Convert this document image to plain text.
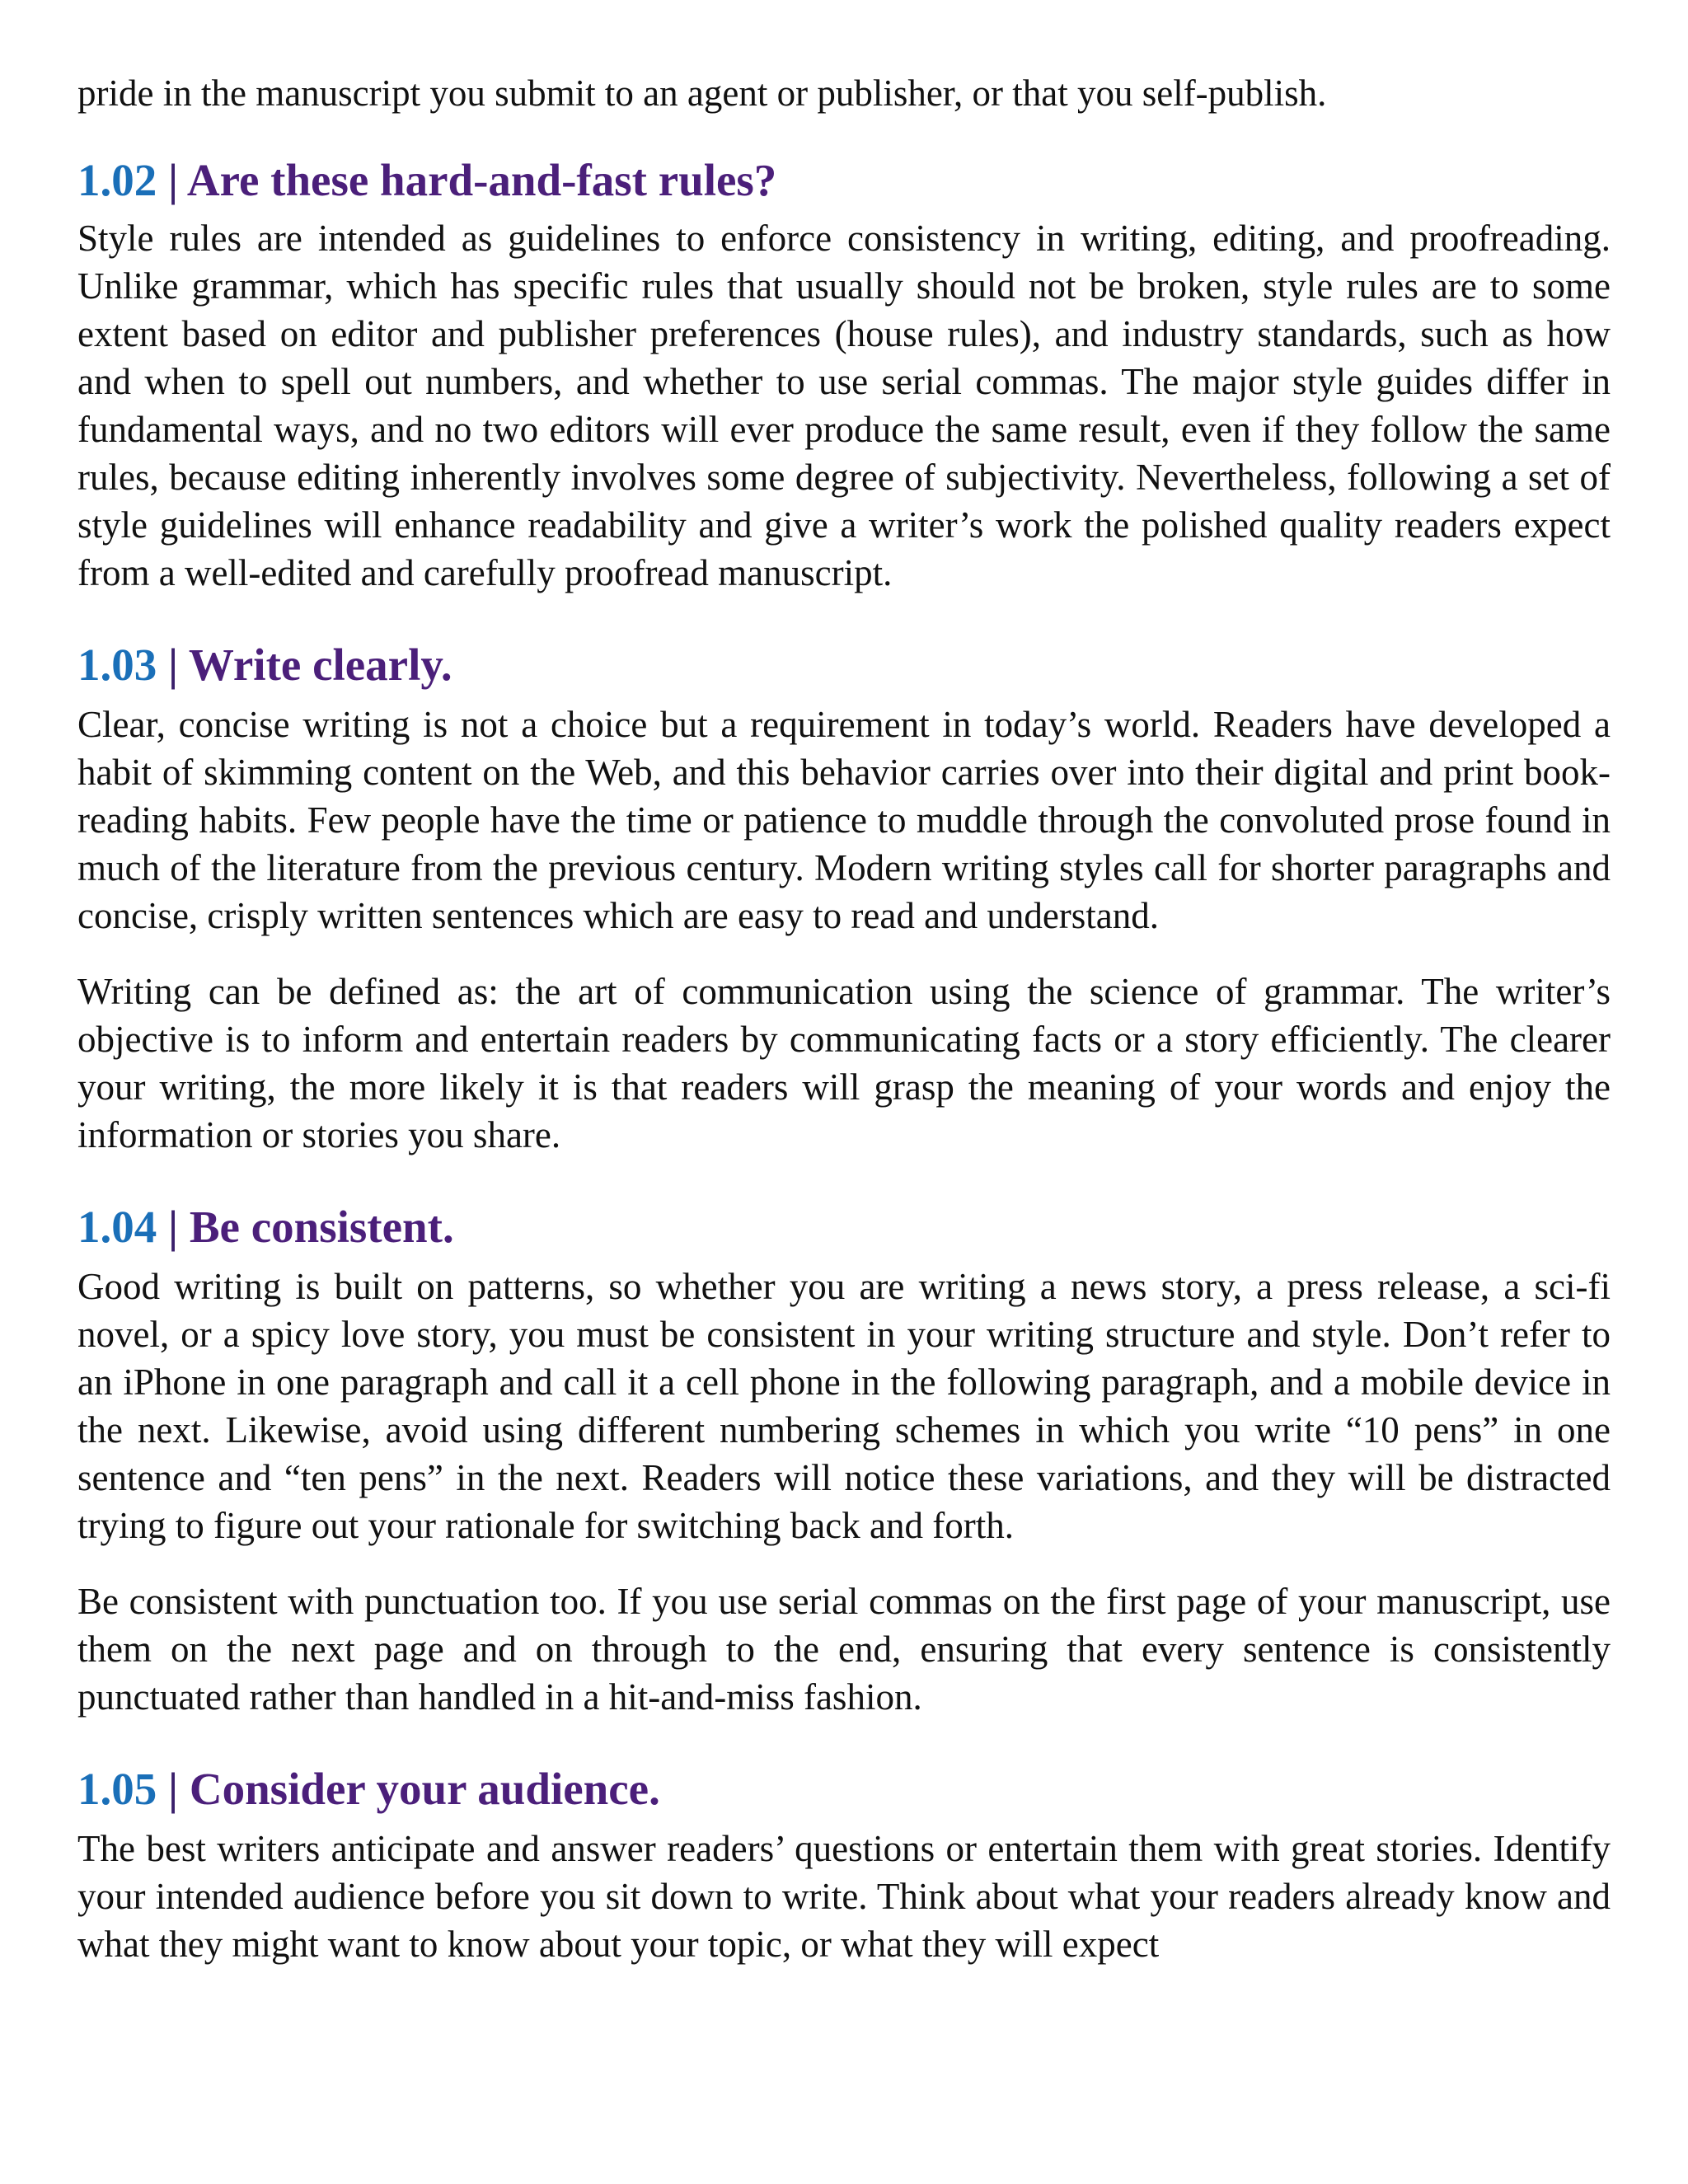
pride in the manuscript you submit to an agent or publisher, or that you self-publish.

1.02 | Are these hard-and-fast rules?

Style rules are intended as guidelines to enforce consistency in writing, editing, and proofreading. Unlike grammar, which has specific rules that usually should not be broken, style rules are to some extent based on editor and publisher preferences (house rules), and industry standards, such as how and when to spell out numbers, and whether to use serial commas. The major style guides differ in fundamental ways, and no two editors will ever produce the same result, even if they follow the same rules, because editing inherently involves some degree of subjectivity. Nevertheless, following a set of style guidelines will enhance readability and give a writer’s work the polished quality readers expect from a well-edited and carefully proofread manuscript.

1.03 | Write clearly.

Clear, concise writing is not a choice but a requirement in today’s world. Readers have developed a habit of skimming content on the Web, and this behavior carries over into their digital and print book-reading habits. Few people have the time or patience to muddle through the convoluted prose found in much of the literature from the previous century. Modern writing styles call for shorter paragraphs and concise, crisply written sentences which are easy to read and understand.

Writing can be defined as: the art of communication using the science of grammar. The writer’s objective is to inform and entertain readers by communicating facts or a story efficiently. The clearer your writing, the more likely it is that readers will grasp the meaning of your words and enjoy the information or stories you share.

1.04 | Be consistent.

Good writing is built on patterns, so whether you are writing a news story, a press release, a sci-fi novel, or a spicy love story, you must be consistent in your writing structure and style. Don’t refer to an iPhone in one paragraph and call it a cell phone in the following paragraph, and a mobile device in the next. Likewise, avoid using different numbering schemes in which you write “10 pens” in one sentence and “ten pens” in the next. Readers will notice these variations, and they will be distracted trying to figure out your rationale for switching back and forth.

Be consistent with punctuation too. If you use serial commas on the first page of your manuscript, use them on the next page and on through to the end, ensuring that every sentence is consistently punctuated rather than handled in a hit-and-miss fashion.

1.05 | Consider your audience.

The best writers anticipate and answer readers’ questions or entertain them with great stories. Identify your intended audience before you sit down to write. Think about what your readers already know and what they might want to know about your topic, or what they will expect
